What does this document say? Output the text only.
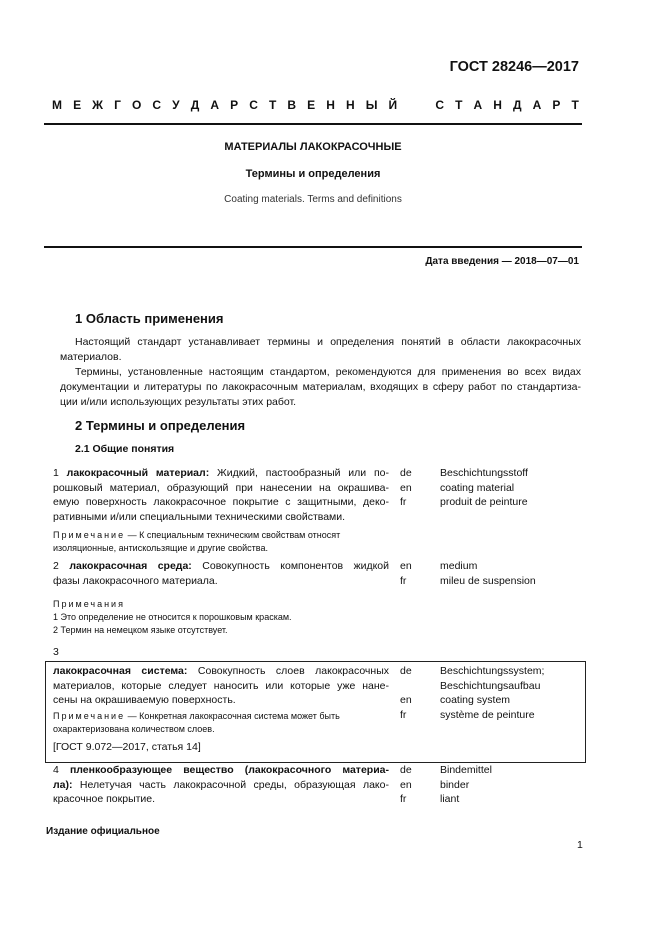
ГОСТ 28246—2017
М Е Ж Г О С У Д А Р С Т В Е Н Н Ы Й	С Т А Н Д А Р Т
МАТЕРИАЛЫ ЛАКОКРАСОЧНЫЕ
Термины и определения
Coating materials. Terms and definitions
Дата введения — 2018—07—01
1 Область применения
Настоящий стандарт устанавливает термины и определения понятий в области лакокрасочных
материалов.
Термины, установленные настоящим стандартом, рекомендуются для применения во всех видах
документации и литературы по лакокрасочным материалам, входящих в сферу работ по стандартиза-
ции и/или использующих результаты этих работ.
2 Термины и определения
2.1 Общие понятия
1 лакокрасочный материал: Жидкий, пастообразный или по-
рошковый материал, образующий при нанесении на окрашива-
емую поверхность лакокрасочное покрытие с защитными, деко-
ративными и/или специальными техническими свойствами.
Примечание — К специальным техническим свойствам относят
изоляционные, антискользящие и другие свойства.
de
en
fr
Beschichtungsstoff
coating material
produit de peinture
2 лакокрасочная среда: Совокупность компонентов жидкой
фазы лакокрасочного материала.
Примечания
1 Это определение не относится к порошковым краскам.
2 Термин на немецком языке отсутствует.
en
fr
medium
mileu de suspension
3
лакокрасочная система: Совокупность слоев лакокрасочных
материалов, которые следует наносить или которые уже нане-
сены на окрашиваемую поверхность.
Примечание — Конкретная лакокрасочная система может быть
охарактеризована количеством слоев.
[ГОСТ 9.072—2017, статья 14]
de
en
fr
Beschichtungssystem;
Beschichtungsaufbau
coating system
système de peinture
4 пленкообразующее вещество (лакокрасочного материа-
ла): Нелетучая часть лакокрасочной среды, образующая лако-
красочное покрытие.
de
en
fr
Bindemittel
binder
liant
Издание официальное
1
